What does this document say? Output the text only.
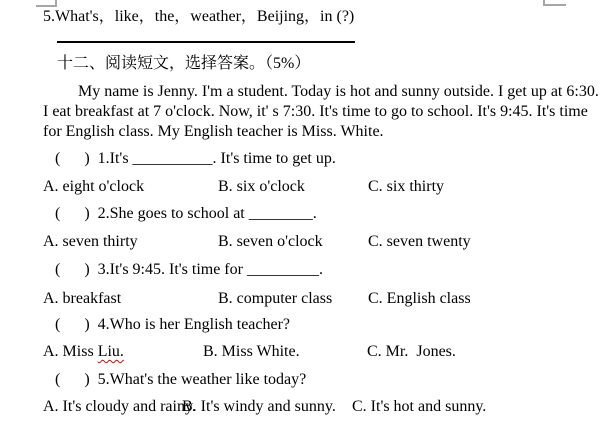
5.What's，like，the，weather，Beijing，in (?)
十二、阅读短文，选择答案。（5%）
My name is Jenny. I'm a student. Today is hot and sunny outside. I get up at 6:30.
I eat breakfast at 7 o'clock. Now, it' s 7:30. It's time to go to school. It's 9:45. It's time
for English class. My English teacher is Miss. White.
(      )  1.It's __________. It's time to get up.
A. eight o'clock	B. six o'clock	C. six thirty
(      )  2.She goes to school at ________.
A. seven thirty	B. seven o'clock	C. seven twenty
(      )  3.It's 9:45. It's time for _________.
A. breakfast	B. computer class C. English class
(      )  4.Who is her English teacher?
A. Miss Liu.	B. Miss White.	C. Mr.  Jones.
(      )  5.What's the weather like today?
A. It's cloudy and rainy.
B. It's windy and sunny. C. It's hot and sunny.
